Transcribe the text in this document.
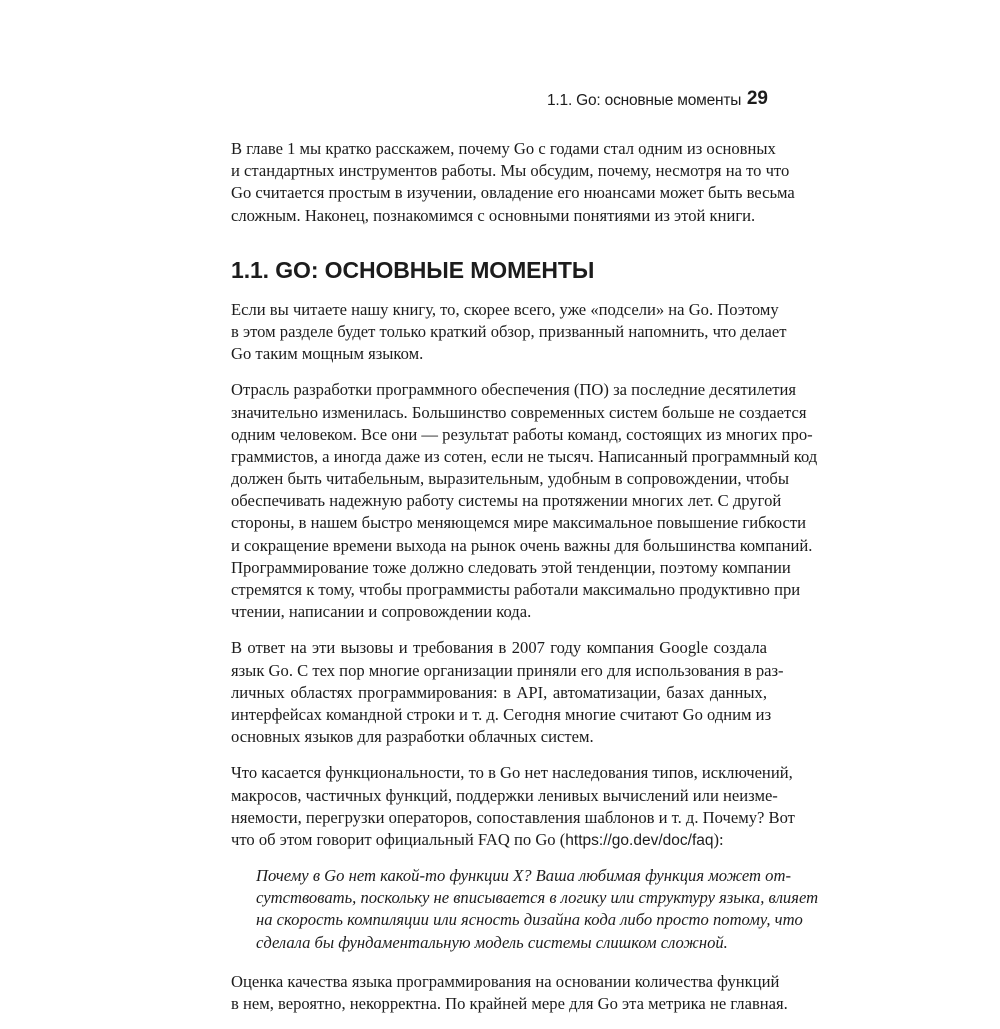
1.1. Go: основные моменты 29
В главе 1 мы кратко расскажем, почему Go с годами стал одним из основных
и стандартных инструментов работы. Мы обсудим, почему, несмотря на то что
Go считается простым в изучении, овладение его нюансами может быть весьма
сложным. Наконец, познакомимся с основными понятиями из этой книги.
1.1. GO: ОСНОВНЫЕ МОМЕНТЫ
Если вы читаете нашу книгу, то, скорее всего, уже «подсели» на Go. Поэтому
в этом разделе будет только краткий обзор, призванный напомнить, что делает
Go таким мощным языком.
Отрасль разработки программного обеспечения (ПО) за последние десятилетия
значительно изменилась. Большинство современных систем больше не создается
одним человеком. Все они — результат работы команд, состоящих из многих про-
граммистов, а иногда даже из сотен, если не тысяч. Написанный программный код
должен быть читабельным, выразительным, удобным в сопровождении, чтобы
обеспечивать надежную работу системы на протяжении многих лет. С другой
стороны, в нашем быстро меняющемся мире максимальное повышение гибкости
и сокращение времени выхода на рынок очень важны для большинства компаний.
Программирование тоже должно следовать этой тенденции, поэтому компании
стремятся к тому, чтобы программисты работали максимально продуктивно при
чтении, написании и сопровождении кода.
В ответ на эти вызовы и требования в 2007 году компания Google создала
язык Go. С тех пор многие организации приняли его для использования в раз-
личных областях программирования: в API, автоматизации, базах данных,
интерфейсах командной строки и т. д. Сегодня многие считают Go одним из
основных языков для разработки облачных систем.
Что касается функциональности, то в Go нет наследования типов, исключений,
макросов, частичных функций, поддержки ленивых вычислений или неизме-
няемости, перегрузки операторов, сопоставления шаблонов и т. д. Почему? Вот
что об этом говорит официальный FAQ по Go (https://go.dev/doc/faq):
Почему в Go нет какой-то функции X? Ваша любимая функция может от-
сутствовать, поскольку не вписывается в логику или структуру языка, влияет
на скорость компиляции или ясность дизайна кода либо просто потому, что
сделала бы фундаментальную модель системы слишком сложной.
Оценка качества языка программирования на основании количества функций
в нем, вероятно, некорректна. По крайней мере для Go эта метрика не главная.
